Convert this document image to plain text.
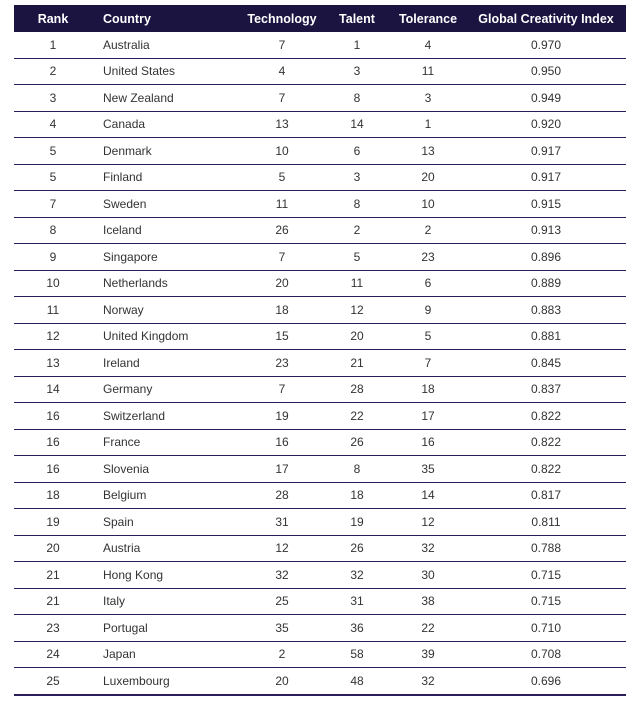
Rank	Country	Technology	Talent	Tolerance	Global Creativity Index
1	Australia	7	1	4	0.970
2	United States	4	3	11	0.950
3	New Zealand	7	8	3	0.949
4	Canada	13	14	1	0.920
5	Denmark	10	6	13	0.917
5	Finland	5	3	20	0.917
7	Sweden	11	8	10	0.915
8	Iceland	26	2	2	0.913
9	Singapore	7	5	23	0.896
10	Netherlands	20	11	6	0.889
11	Norway	18	12	9	0.883
12	United Kingdom	15	20	5	0.881
13	Ireland	23	21	7	0.845
14	Germany	7	28	18	0.837
16	Switzerland	19	22	17	0.822
16	France	16	26	16	0.822
16	Slovenia	17	8	35	0.822
18	Belgium	28	18	14	0.817
19	Spain	31	19	12	0.811
20	Austria	12	26	32	0.788
21	Hong Kong	32	32	30	0.715
21	Italy	25	31	38	0.715
23	Portugal	35	36	22	0.710
24	Japan	2	58	39	0.708
25	Luxembourg	20	48	32	0.696
